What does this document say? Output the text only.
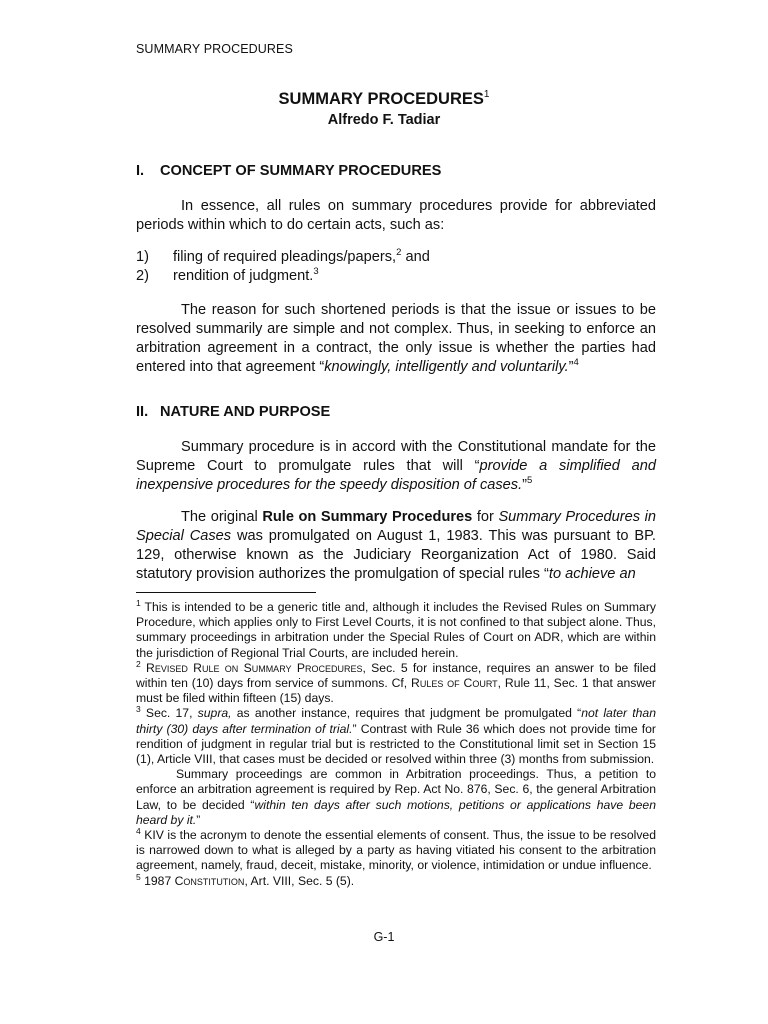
SUMMARY PROCEDURES
SUMMARY PROCEDURES$^1$
Alfredo F. Tadiar
I. CONCEPT OF SUMMARY PROCEDURES

In essence, all rules on summary procedures provide for abbreviated periods within which to do certain acts, such as:

1)	filing of required pleadings/papers,$^2$ and
2)	rendition of judgment.$^3$

The reason for such shortened periods is that the issue or issues to be resolved summarily are simple and not complex. Thus, in seeking to enforce an arbitration agreement in a contract, the only issue is whether the parties had entered into that agreement “knowingly, intelligently and voluntarily.”$^4$

II. NATURE AND PURPOSE

Summary procedure is in accord with the Constitutional mandate for the Supreme Court to promulgate rules that will “provide a simplified and inexpensive procedures for the speedy disposition of cases.”$^5$

The original Rule on Summary Procedures for Summary Procedures in Special Cases was promulgated on August 1, 1983. This was pursuant to BP. 129, otherwise known as the Judiciary Reorganization Act of 1980. Said statutory provision authorizes the promulgation of special rules “to achieve an

$^1$ This is intended to be a generic title and, although it includes the Revised Rules on Summary Procedure, which applies only to First Level Courts, it is not confined to that subject alone. Thus, summary proceedings in arbitration under the Special Rules of Court on ADR, which are within the jurisdiction of Regional Trial Courts, are included herein.

$^2$ Revised Rule on Summary Procedures, Sec. 5 for instance, requires an answer to be filed within ten (10) days from service of summons. Cf, Rules of Court, Rule 11, Sec. 1 that answer must be filed within fifteen (15) days.

$^3$ Sec. 17, supra, as another instance, requires that judgment be promulgated “not later than thirty (30) days after termination of trial.” Contrast with Rule 36 which does not provide time for rendition of judgment in regular trial but is restricted to the Constitutional limit set in Section 15 (1), Article VIII, that cases must be decided or resolved within three (3) months from submission.

Summary proceedings are common in Arbitration proceedings. Thus, a petition to enforce an arbitration agreement is required by Rep. Act No. 876, Sec. 6, the general Arbitration Law, to be decided “within ten days after such motions, petitions or applications have been heard by it.”

$^4$ KIV is the acronym to denote the essential elements of consent. Thus, the issue to be resolved is narrowed down to what is alleged by a party as having vitiated his consent to the arbitration agreement, namely, fraud, deceit, mistake, minority, or violence, intimidation or undue influence.

$^5$ 1987 Constitution, Art. VIII, Sec. 5 (5).

G-1
